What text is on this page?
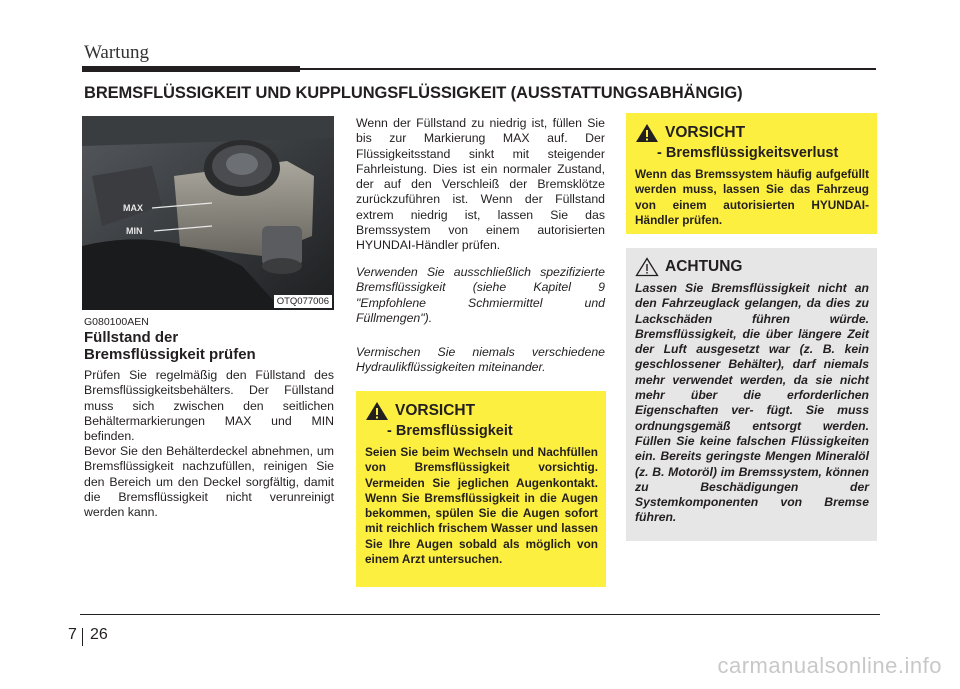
Wartung
BREMSFLÜSSIGKEIT UND KUPPLUNGSFLÜSSIGKEIT (AUSSTATTUNGSABHÄNGIG)
MAX
MIN
OTQ077006
G080100AEN
Füllstand der
Bremsflüssigkeit prüfen
Prüfen Sie regelmäßig den Füllstand des Bremsflüssigkeitsbehälters. Der Füllstand muss sich zwischen den seitlichen Behältermarkierungen MAX und MIN befinden.
Bevor Sie den Behälterdeckel abnehmen, um Bremsflüssigkeit nachzufüllen, reinigen Sie den Bereich um den Deckel sorgfältig, damit die Bremsflüssigkeit nicht verunreinigt werden kann.
Wenn der Füllstand zu niedrig ist, füllen Sie bis zur Markierung MAX auf. Der Flüssigkeitsstand sinkt mit steigender Fahrleistung. Dies ist ein normaler Zustand, der auf den Verschleiß der Bremsklötze zurückzuführen ist. Wenn der Füllstand extrem niedrig ist, lassen Sie das Bremssystem von einem autorisierten HYUNDAI-Händler prüfen.
Verwenden Sie ausschließlich spezifizierte Bremsflüssigkeit (siehe Kapitel 9 "Empfohlene Schmiermittel und Füllmengen").
Vermischen Sie niemals verschiedene Hydraulikflüssigkeiten miteinander.
VORSICHT
- Bremsflüssigkeit
Seien Sie beim Wechseln und Nachfüllen von Bremsflüssigkeit vorsichtig. Vermeiden Sie jeglichen Augenkontakt. Wenn Sie Bremsflüssigkeit in die Augen bekommen, spülen Sie die Augen sofort mit reichlich frischem Wasser und lassen Sie Ihre Augen sobald als möglich von einem Arzt untersuchen.
VORSICHT
- Bremsflüssigkeitsverlust
Wenn das Bremssystem häufig aufgefüllt werden muss, lassen Sie das Fahrzeug von einem autorisierten HYUNDAI-Händler prüfen.
ACHTUNG
Lassen Sie Bremsflüssigkeit nicht an den Fahrzeuglack gelangen, da dies zu Lackschäden führen würde. Bremsflüssigkeit, die über längere Zeit der Luft ausgesetzt war (z. B. kein geschlossener Behälter), darf niemals mehr verwendet werden, da sie nicht mehr über die erforderlichen Eigenschaften ver- fügt. Sie muss ordnungsgemäß entsorgt werden. Füllen Sie keine falschen Flüssigkeiten ein. Bereits geringste Mengen Mineralöl (z. B. Motoröl) im Bremssystem, können zu Beschädigungen der Systemkomponenten von Bremse führen.
7 26
carmanualsonline.info
